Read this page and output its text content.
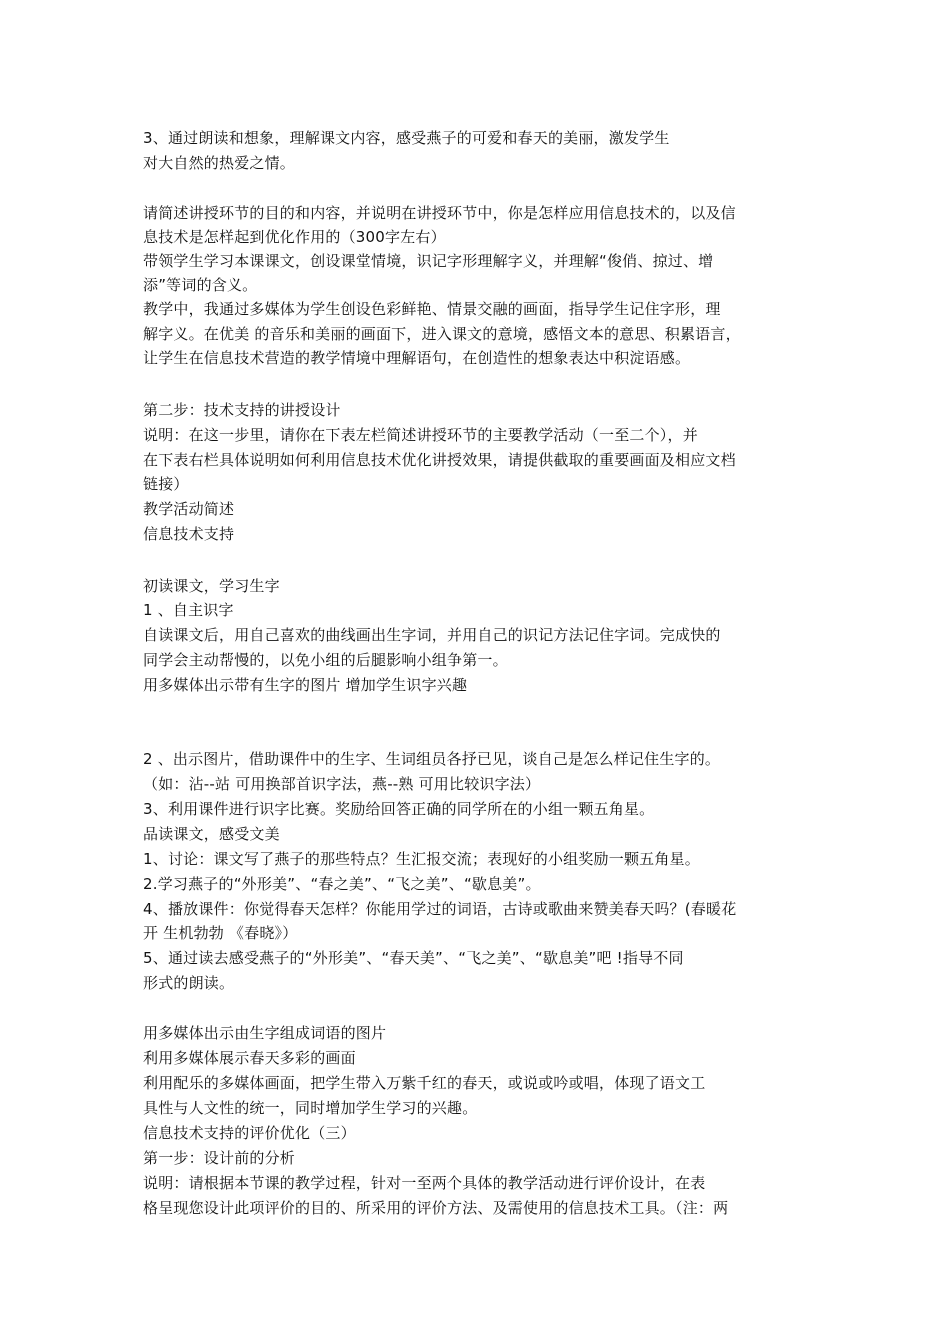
3、通过朗读和想象，理解课文内容，感受燕子的可爱和春天的美丽，激发学生
对大自然的热爱之情。
请简述讲授环节的目的和内容，并说明在讲授环节中，你是怎样应用信息技术的，以及信
息技术是怎样起到优化作用的（300字左右）
带领学生学习本课课文，创设课堂情境，识记字形理解字义，并理解“俊俏、掠过、增
添”等词的含义。
教学中，我通过多媒体为学生创设色彩鲜艳、情景交融的画面，指导学生记住字形，理
解字义。在优美 的音乐和美丽的画面下，进入课文的意境，感悟文本的意思、积累语言，
让学生在信息技术营造的教学情境中理解语句，在创造性的想象表达中积淀语感。
第二步：技术支持的讲授设计
说明：在这一步里，请你在下表左栏简述讲授环节的主要教学活动（一至二个），并
在下表右栏具体说明如何利用信息技术优化讲授效果，请提供截取的重要画面及相应文档
链接）
教学活动简述
信息技术支持
初读课文，学习生字
1 、自主识字
自读课文后，用自己喜欢的曲线画出生字词，并用自己的识记方法记住字词。完成快的
同学会主动帮慢的，以免小组的后腿影响小组争第一。
用多媒体出示带有生字的图片 增加学生识字兴趣
2 、出示图片，借助课件中的生字、生词组员各抒已见，谈自己是怎么样记住生字的。
（如：沾--站 可用换部首识字法，燕--熟 可用比较识字法）
3、利用课件进行识字比赛。奖励给回答正确的同学所在的小组一颗五角星。
品读课文，感受文美
1、讨论：课文写了燕子的那些特点？生汇报交流；表现好的小组奖励一颗五角星。
2.学习燕子的“外形美”、“春之美”、“飞之美”、“歇息美”。
4、播放课件：你觉得春天怎样？你能用学过的词语，古诗或歌曲来赞美春天吗？(春暖花
开 生机勃勃 《春晓》）
5、通过读去感受燕子的“外形美”、“春天美”、“飞之美”、“歇息美”吧 !指导不同
形式的朗读。
用多媒体出示由生字组成词语的图片
利用多媒体展示春天多彩的画面
利用配乐的多媒体画面，把学生带入万紫千红的春天，或说或吟或唱，体现了语文工
具性与人文性的统一，同时增加学生学习的兴趣。
信息技术支持的评价优化（三）
第一步：设计前的分析
说明：请根据本节课的教学过程，针对一至两个具体的教学活动进行评价设计，在表
格呈现您设计此项评价的目的、所采用的评价方法、及需使用的信息技术工具。（注：两
